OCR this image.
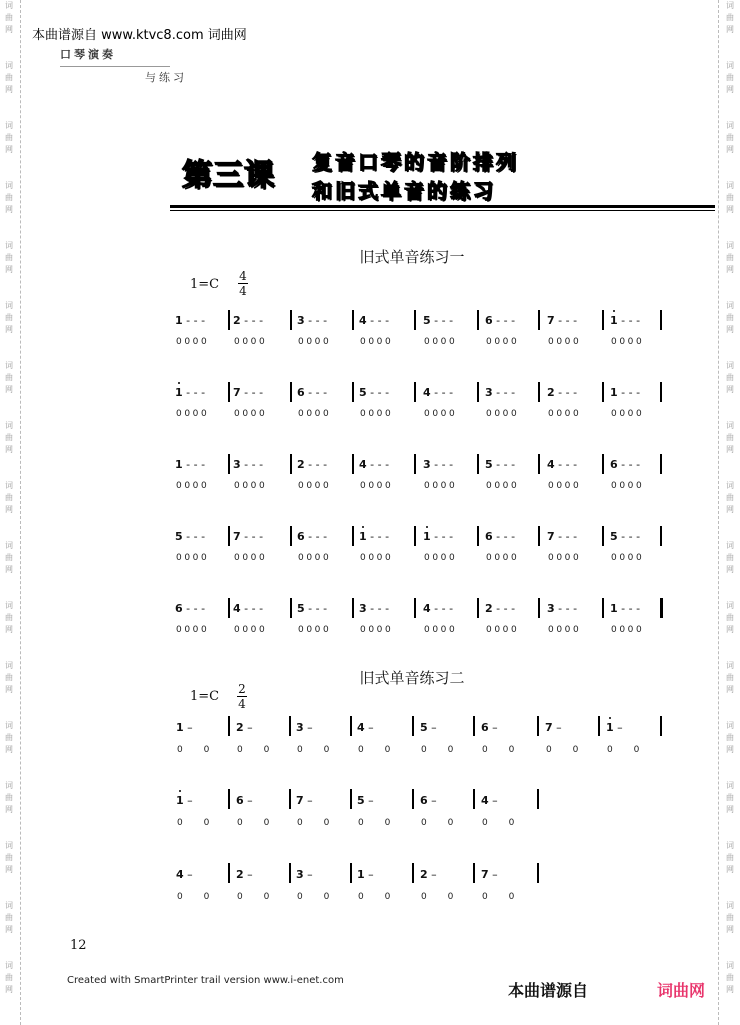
词
曲
网
词
曲
网
词
曲
网
词
曲
网
词
曲
网
词
曲
网
词
曲
网
词
曲
网
词
曲
网
词
曲
网
词
曲
网
词
曲
网
词
曲
网
词
曲
网
词
曲
网
词
曲
网
词
曲
网
词
曲
网
词
曲
网
词
曲
网
词
曲
网
词
曲
网
词
曲
网
词
曲
网
词
曲
网
词
曲
网
词
曲
网
词
曲
网
词
曲
网
词
曲
网
词
曲
网
词
曲
网
词
曲
网
词
曲
网
本曲谱源自 www.ktvc8.com 词曲网
口琴演奏
与练习
第三课 复音口琴的音阶排列
和旧式单音的练习
旧式单音练习一
1=C
4
4
1 - - -
0000
2 - - -
0000
3 - - -
0000
4 - - -
0000
5 - - -
0000
6 - - -
0000
7 - - -
0000
1 - - -
0000
1 - - -
0000
7 - - -
0000
6 - - -
0000
5 - - -
0000
4 - - -
0000
3 - - -
0000
2 - - -
0000
1 - - -
0000
1 - - -
0000
3 - - -
0000
2 - - -
0000
4 - - -
0000
3 - - -
0000
5 - - -
0000
4 - - -
0000
6 - - -
0000
5 - - -
0000
7 - - -
0000
6 - - -
0000
1 - - -
0000
1 - - -
0000
6 - - -
0000
7 - - -
0000
5 - - -
0000
6 - - -
0000
4 - - -
0000
5 - - -
0000
3 - - -
0000
4 - - -
0000
2 - - -
0000
3 - - -
0000
1 - - -
0000
旧式单音练习二
1=C 2
4
1 –
0 0
2 –
0 0
3 –
0 0
4 –
0 0
5 –
0 0
6 –
0 0
7 –
0 0
1 –
0 0
1 –
0 0
6 –
0 0
7 –
0 0
5 –
0 0
6 –
0 0
4 –
0 0
4 –
0 0
2 –
0 0
3 –
0 0
1 –
0 0
2 –
0 0
7 –
0 0
12
Created with SmartPrinter trail version www.i-enet.com
本曲谱源自	词曲网
